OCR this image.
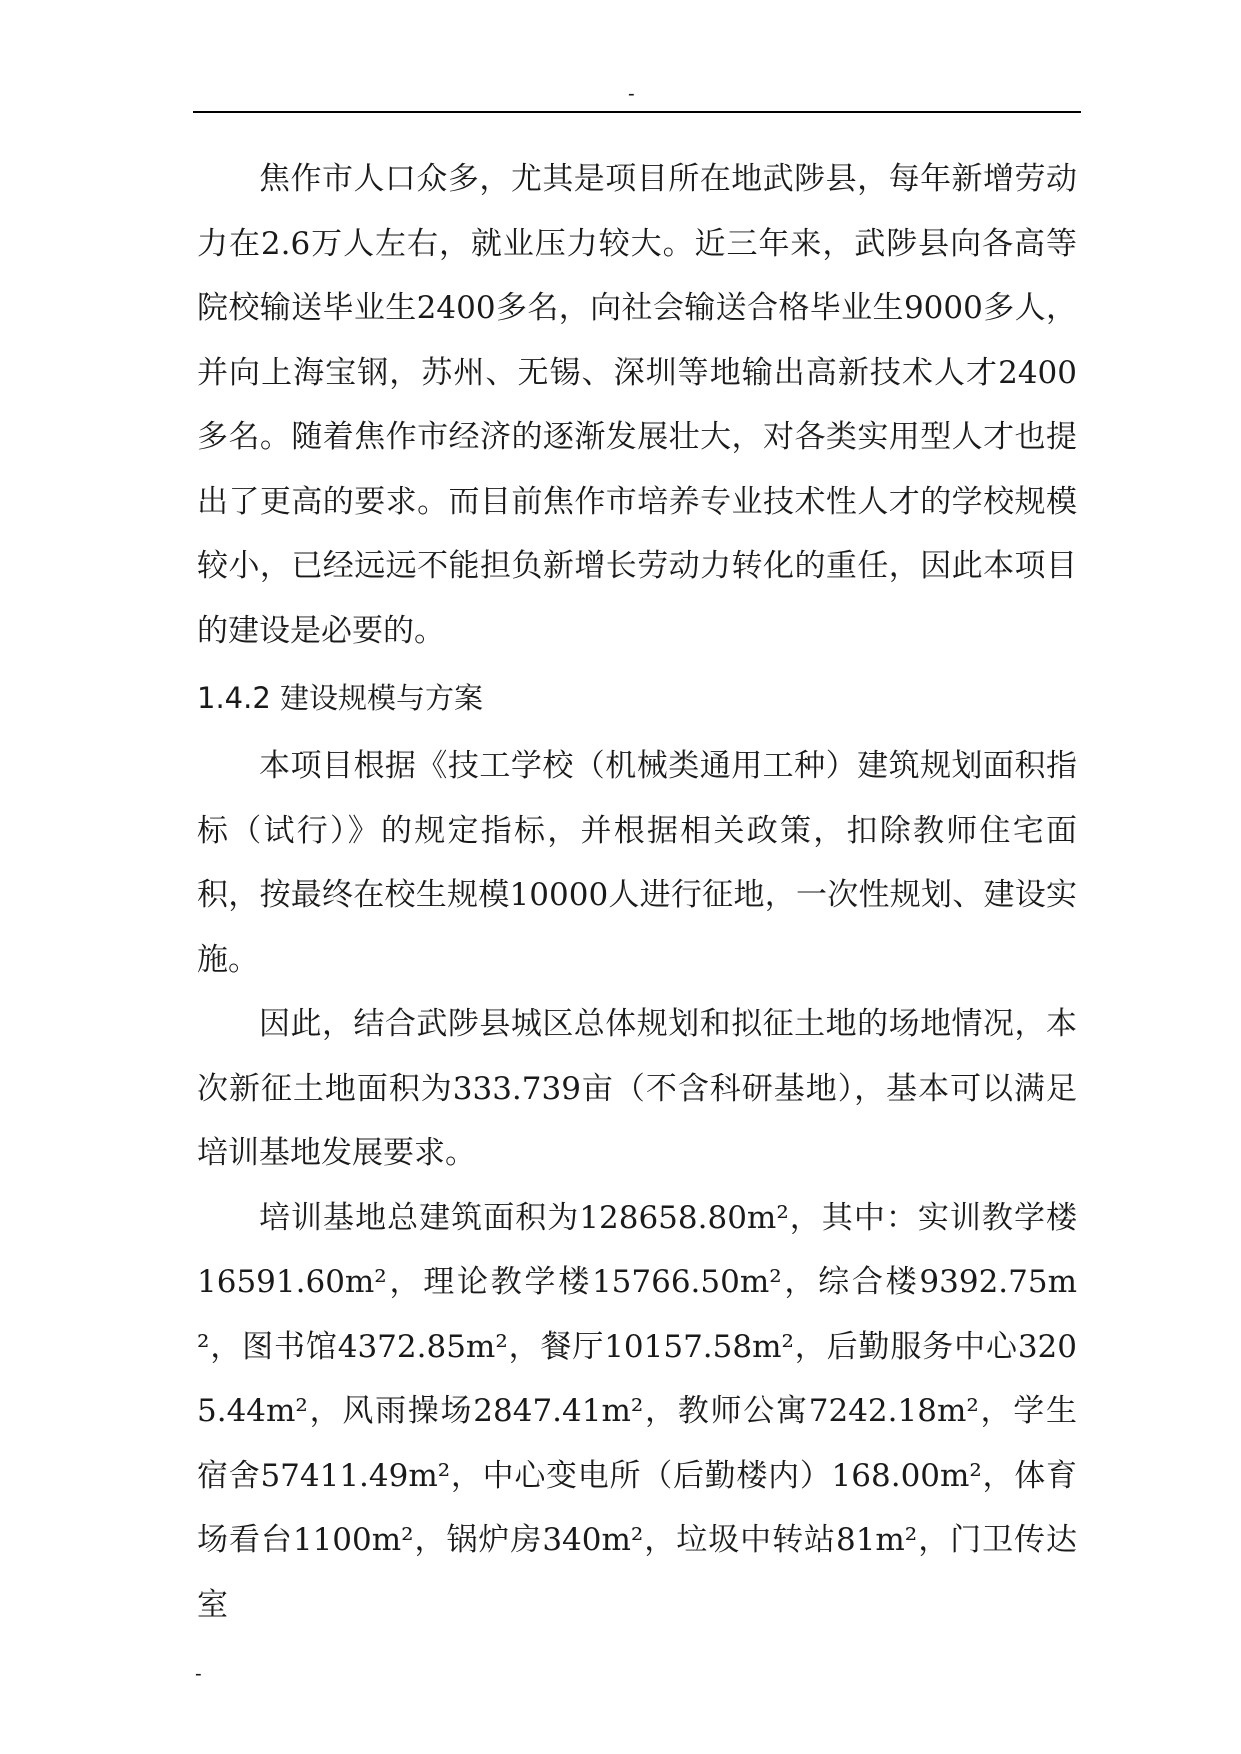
-

焦作市人口众多，尤其是项目所在地武陟县，每年新增劳动力在2.6万人左右，就业压力较大。近三年来，武陟县向各高等院校输送毕业生2400多名，向社会输送合格毕业生9000多人，并向上海宝钢，苏州、无锡、深圳等地输出高新技术人才2400多名。随着焦作市经济的逐渐发展壮大，对各类实用型人才也提出了更高的要求。而目前焦作市培养专业技术性人才的学校规模较小，已经远远不能担负新增长劳动力转化的重任，因此本项目的建设是必要的。

1.4.2 建设规模与方案

本项目根据《技工学校（机械类通用工种）建筑规划面积指标（试行）》的规定指标，并根据相关政策，扣除教师住宅面积，按最终在校生规模10000人进行征地，一次性规划、建设实施。

因此，结合武陟县城区总体规划和拟征土地的场地情况，本次新征土地面积为333.739亩（不含科研基地），基本可以满足培训基地发展要求。

培训基地总建筑面积为128658.80m²，其中：实训教学楼16591.60m²，理论教学楼15766.50m²，综合楼9392.75m²，图书馆4372.85m²，餐厅10157.58m²，后勤服务中心3205.44m²，风雨操场2847.41m²，教师公寓7242.18m²，学生宿舍57411.49m²，中心变电所（后勤楼内）168.00m²，体育场看台1100m²，锅炉房340m²，垃圾中转站81m²，门卫传达室

-
